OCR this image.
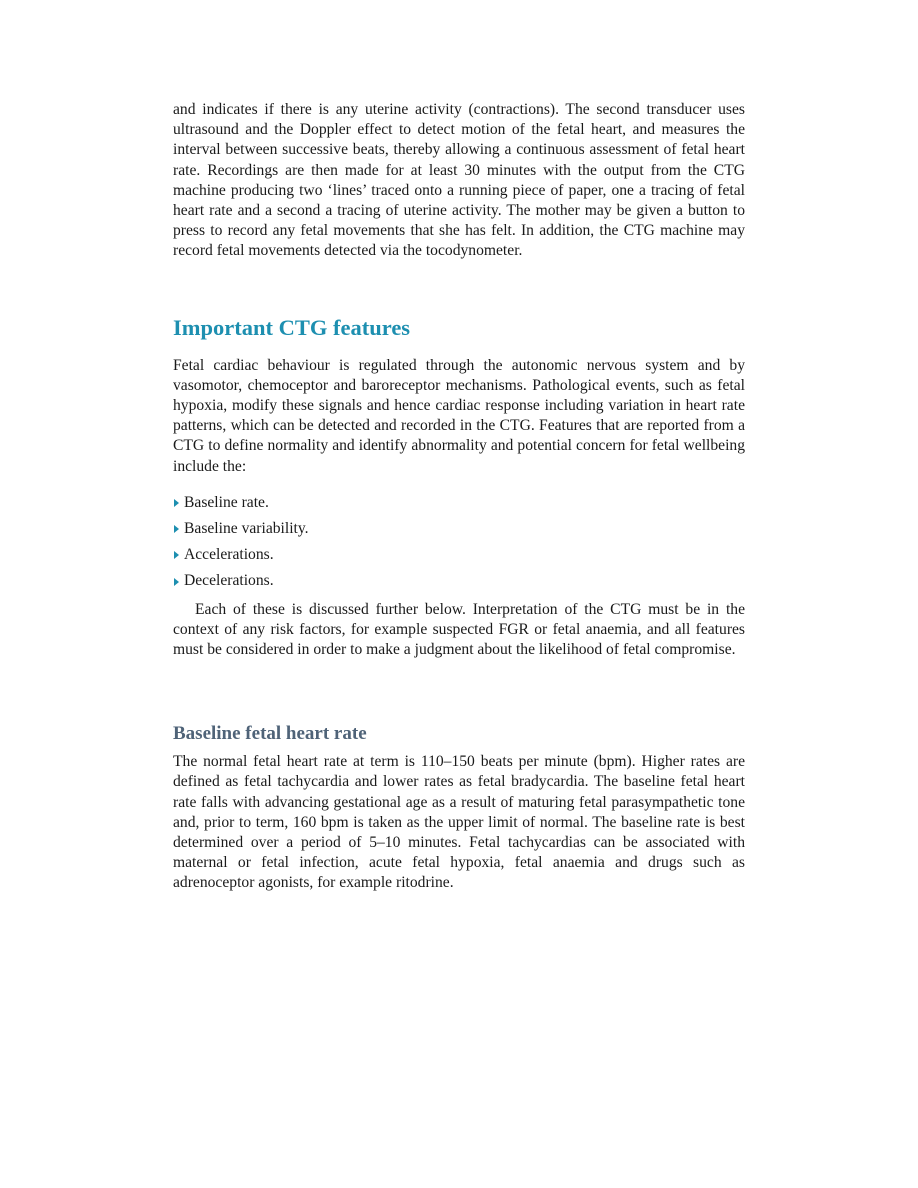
and indicates if there is any uterine activity (contractions). The second transducer uses ultrasound and the Doppler effect to detect motion of the fetal heart, and measures the interval between successive beats, thereby allowing a continuous assessment of fetal heart rate. Recordings are then made for at least 30 minutes with the output from the CTG machine producing two ‘lines’ traced onto a running piece of paper, one a tracing of fetal heart rate and a second a tracing of uterine activity. The mother may be given a button to press to record any fetal movements that she has felt. In addition, the CTG machine may record fetal movements detected via the tocodynometer.

Important CTG features

Fetal cardiac behaviour is regulated through the autonomic nervous system and by vasomotor, chemoceptor and baroreceptor mechanisms. Pathological events, such as fetal hypoxia, modify these signals and hence cardiac response including variation in heart rate patterns, which can be detected and recorded in the CTG. Features that are reported from a CTG to define normality and identify abnormality and potential concern for fetal wellbeing include the:

Baseline rate.
Baseline variability.
Accelerations.
Decelerations.

Each of these is discussed further below. Interpretation of the CTG must be in the context of any risk factors, for example suspected FGR or fetal anaemia, and all features must be considered in order to make a judgment about the likelihood of fetal compromise.

Baseline fetal heart rate

The normal fetal heart rate at term is 110–150 beats per minute (bpm). Higher rates are defined as fetal tachycardia and lower rates as fetal bradycardia. The baseline fetal heart rate falls with advancing gestational age as a result of maturing fetal parasympathetic tone and, prior to term, 160 bpm is taken as the upper limit of normal. The baseline rate is best determined over a period of 5–10 minutes. Fetal tachycardias can be associated with maternal or fetal infection, acute fetal hypoxia, fetal anaemia and drugs such as adrenoceptor agonists, for example ritodrine.
